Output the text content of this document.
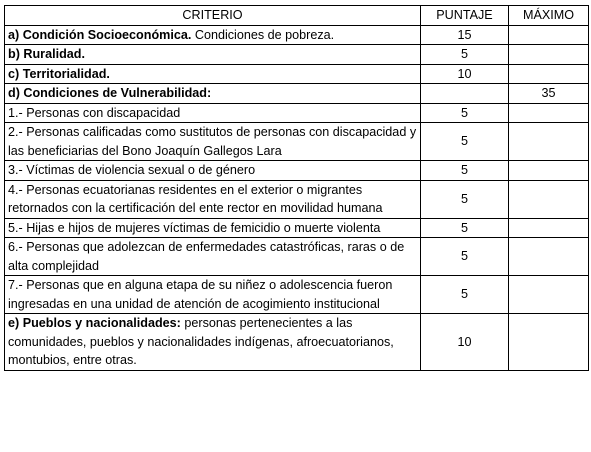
CRITERIO	PUNTAJE	MÁXIMO
a) Condición Socioeconómica. Condiciones de pobreza.	15	
b) Ruralidad.	5	
c) Territorialidad.	10	
d) Condiciones de Vulnerabilidad:		35
1.- Personas con discapacidad	5	
2.- Personas calificadas como sustitutos de personas con discapacidad y las beneficiarias del Bono Joaquín Gallegos Lara	5	
3.- Víctimas de violencia sexual o de género	5	
4.- Personas ecuatorianas residentes en el exterior o migrantes retornados con la certificación del ente rector en movilidad humana	5	
5.- Hijas e hijos de mujeres víctimas de femicidio o muerte violenta	5	
6.- Personas que adolezcan de enfermedades catastróficas, raras o de alta complejidad	5	
7.- Personas que en alguna etapa de su niñez o adolescencia fueron ingresadas en una unidad de atención de acogimiento institucional	5	
e) Pueblos y nacionalidades: personas pertenecientes a las comunidades, pueblos y nacionalidades indígenas, afroecuatorianos, montubios, entre otras.	10	
